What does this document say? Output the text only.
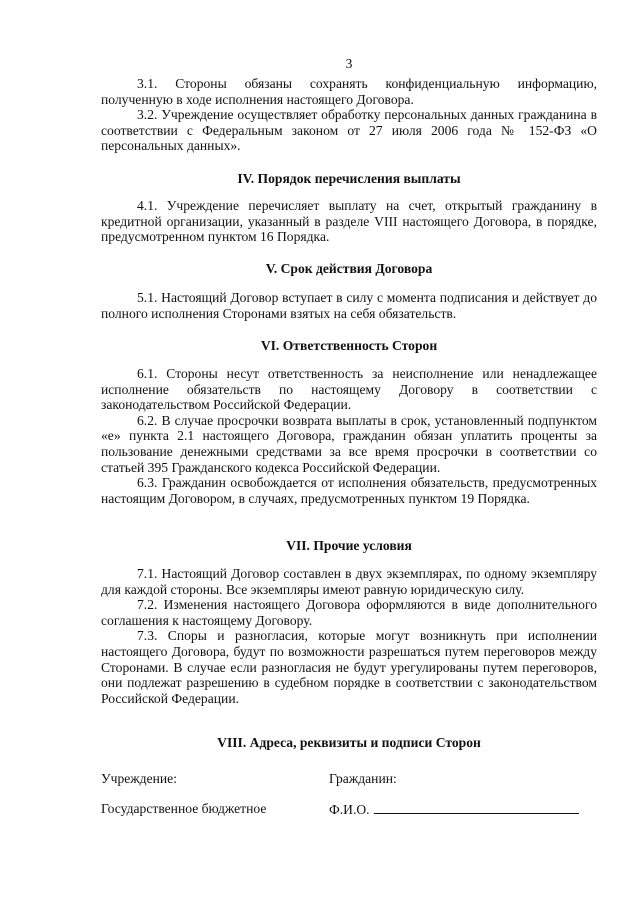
3

3.1. Стороны обязаны сохранять конфиденциальную информацию, полученную в ходе исполнения настоящего Договора.

3.2. Учреждение осуществляет обработку персональных данных гражданина в соответствии с Федеральным законом от 27 июля 2006 года № 152-ФЗ «О персональных данных».

IV. Порядок перечисления выплаты

4.1. Учреждение перечисляет выплату на счет, открытый гражданину в кредитной организации, указанный в разделе VIII настоящего Договора, в порядке, предусмотренном пунктом 16 Порядка.

V. Срок действия Договора

5.1. Настоящий Договор вступает в силу с момента подписания и действует до полного исполнения Сторонами взятых на себя обязательств.

VI. Ответственность Сторон

6.1. Стороны несут ответственность за неисполнение или ненадлежащее исполнение обязательств по настоящему Договору в соответствии с законодательством Российской Федерации.

6.2. В случае просрочки возврата выплаты в срок, установленный подпунктом «е» пункта 2.1 настоящего Договора, гражданин обязан уплатить проценты за пользование денежными средствами за все время просрочки в соответствии со статьей 395 Гражданского кодекса Российской Федерации.

6.3. Гражданин освобождается от исполнения обязательств, предусмотренных настоящим Договором, в случаях, предусмотренных пунктом 19 Порядка.

VII. Прочие условия

7.1. Настоящий Договор составлен в двух экземплярах, по одному экземпляру для каждой стороны. Все экземпляры имеют равную юридическую силу.

7.2. Изменения настоящего Договора оформляются в виде дополнительного соглашения к настоящему Договору.

7.3. Споры и разногласия, которые могут возникнуть при исполнении настоящего Договора, будут по возможности разрешаться путем переговоров между Сторонами. В случае если разногласия не будут урегулированы путем переговоров, они подлежат разрешению в судебном порядке в соответствии с законодательством Российской Федерации.

VIII. Адреса, реквизиты и подписи Сторон
Учреждение:	Гражданин:
Государственное бюджетное	Ф.И.О.
